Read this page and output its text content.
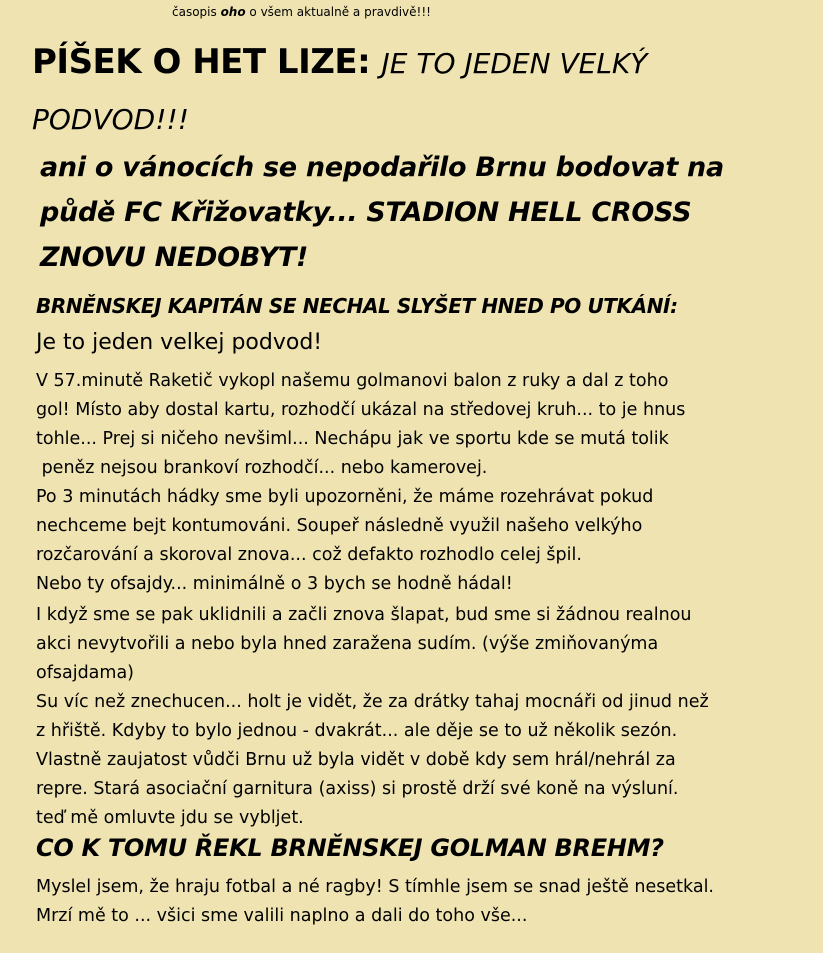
časopis oho o všem aktualně a pravdivě!!!
PÍŠEK O HET LIZE: JE TO JEDEN VELKÝ
PODVOD!!!
ani o vánocích se nepodařilo Brnu bodovat na
půdě FC Křižovatky... STADION HELL CROSS
ZNOVU NEDOBYT!
BRNĚNSKEJ KAPITÁN SE NECHAL SLYŠET HNED PO UTKÁNÍ:
Je to jeden velkej podvod!
V 57.minutě Raketič vykopl našemu golmanovi balon z ruky a dal z toho
gol! Místo aby dostal kartu, rozhodčí ukázal na středovej kruh... to je hnus
tohle... Prej si ničeho nevšiml... Nechápu jak ve sportu kde se mutá tolik
peněz nejsou brankoví rozhodčí... nebo kamerovej.
Po 3 minutách hádky sme byli upozorněni, že máme rozehrávat pokud
nechceme bejt kontumováni. Soupeř následně využil našeho velkýho
rozčarování a skoroval znova... což defakto rozhodlo celej špil.
Nebo ty ofsajdy... minimálně o 3 bych se hodně hádal!
I když sme se pak uklidnili a začli znova šlapat, bud sme si žádnou realnou
akci nevytvořili a nebo byla hned zaražena sudím. (výše zmiňovanýma
ofsajdama)
Su víc než znechucen... holt je vidět, že za drátky tahaj mocnáři od jinud než
z hřiště. Kdyby to bylo jednou - dvakrát... ale děje se to už několik sezón.
Vlastně zaujatost vůdči Brnu už byla vidět v době kdy sem hrál/nehrál za
repre. Stará asociační garnitura (axiss) si prostě drží své koně na výsluní.
teď mě omluvte jdu se vybljet.
CO K TOMU ŘEKL BRNĚNSKEJ GOLMAN BREHM?
Myslel jsem, že hraju fotbal a né ragby! S tímhle jsem se snad ještě nesetkal.
Mrzí mě to ... všici sme valili naplno a dali do toho vše...
